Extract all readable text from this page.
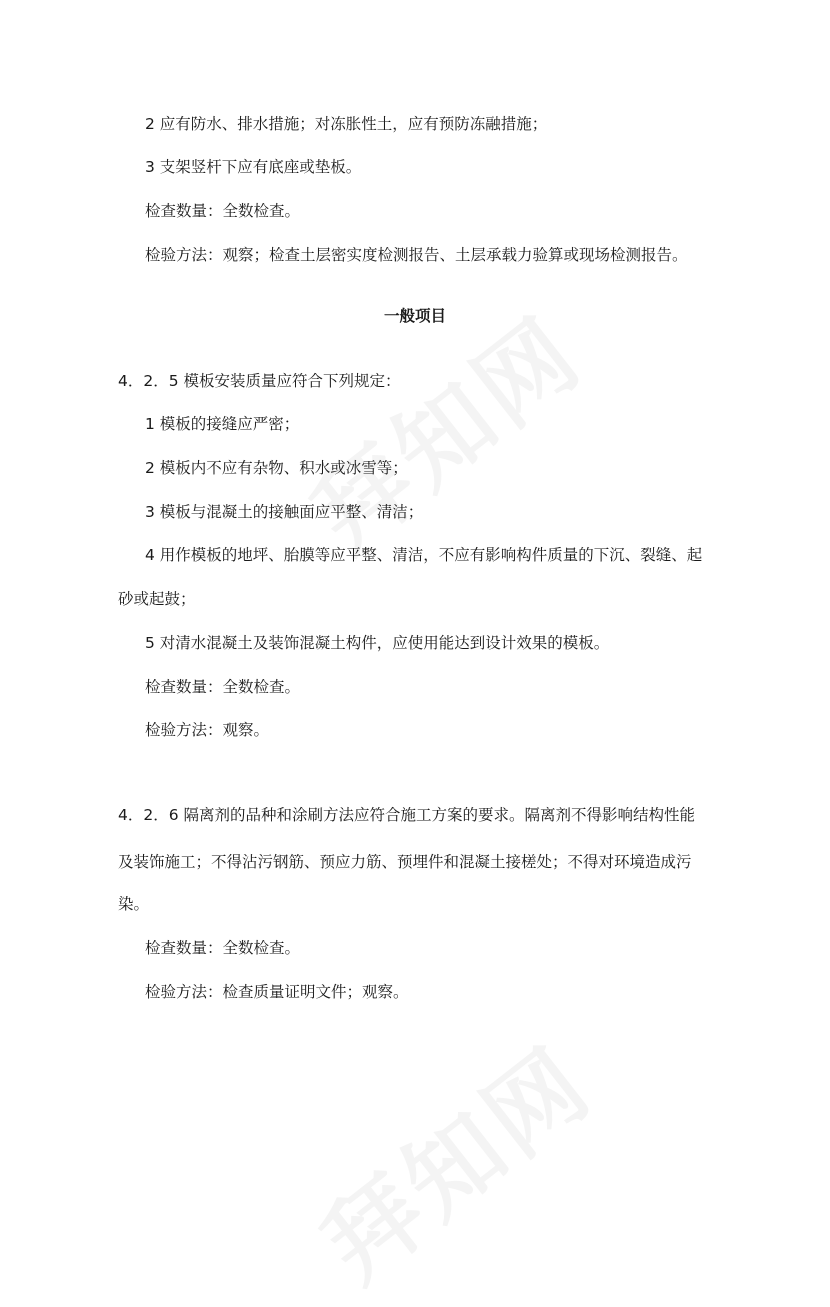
2 应有防水、排水措施；对冻胀性土，应有预防冻融措施；
3 支架竖杆下应有底座或垫板。
检查数量：全数检查。
检验方法：观察；检查土层密实度检测报告、土层承载力验算或现场检测报告。
一般项目
4．2．5 模板安装质量应符合下列规定：
1 模板的接缝应严密；
2 模板内不应有杂物、积水或冰雪等；
3 模板与混凝土的接触面应平整、清洁；
4 用作模板的地坪、胎膜等应平整、清洁，不应有影响构件质量的下沉、裂缝、起
砂或起鼓；
5 对清水混凝土及装饰混凝土构件，应使用能达到设计效果的模板。
检查数量：全数检查。
检验方法：观察。
4．2．6 隔离剂的品种和涂刷方法应符合施工方案的要求。隔离剂不得影响结构性能
及装饰施工；不得沾污钢筋、预应力筋、预埋件和混凝土接槎处；不得对环境造成污
染。
检查数量：全数检查。
检验方法：检查质量证明文件；观察。
